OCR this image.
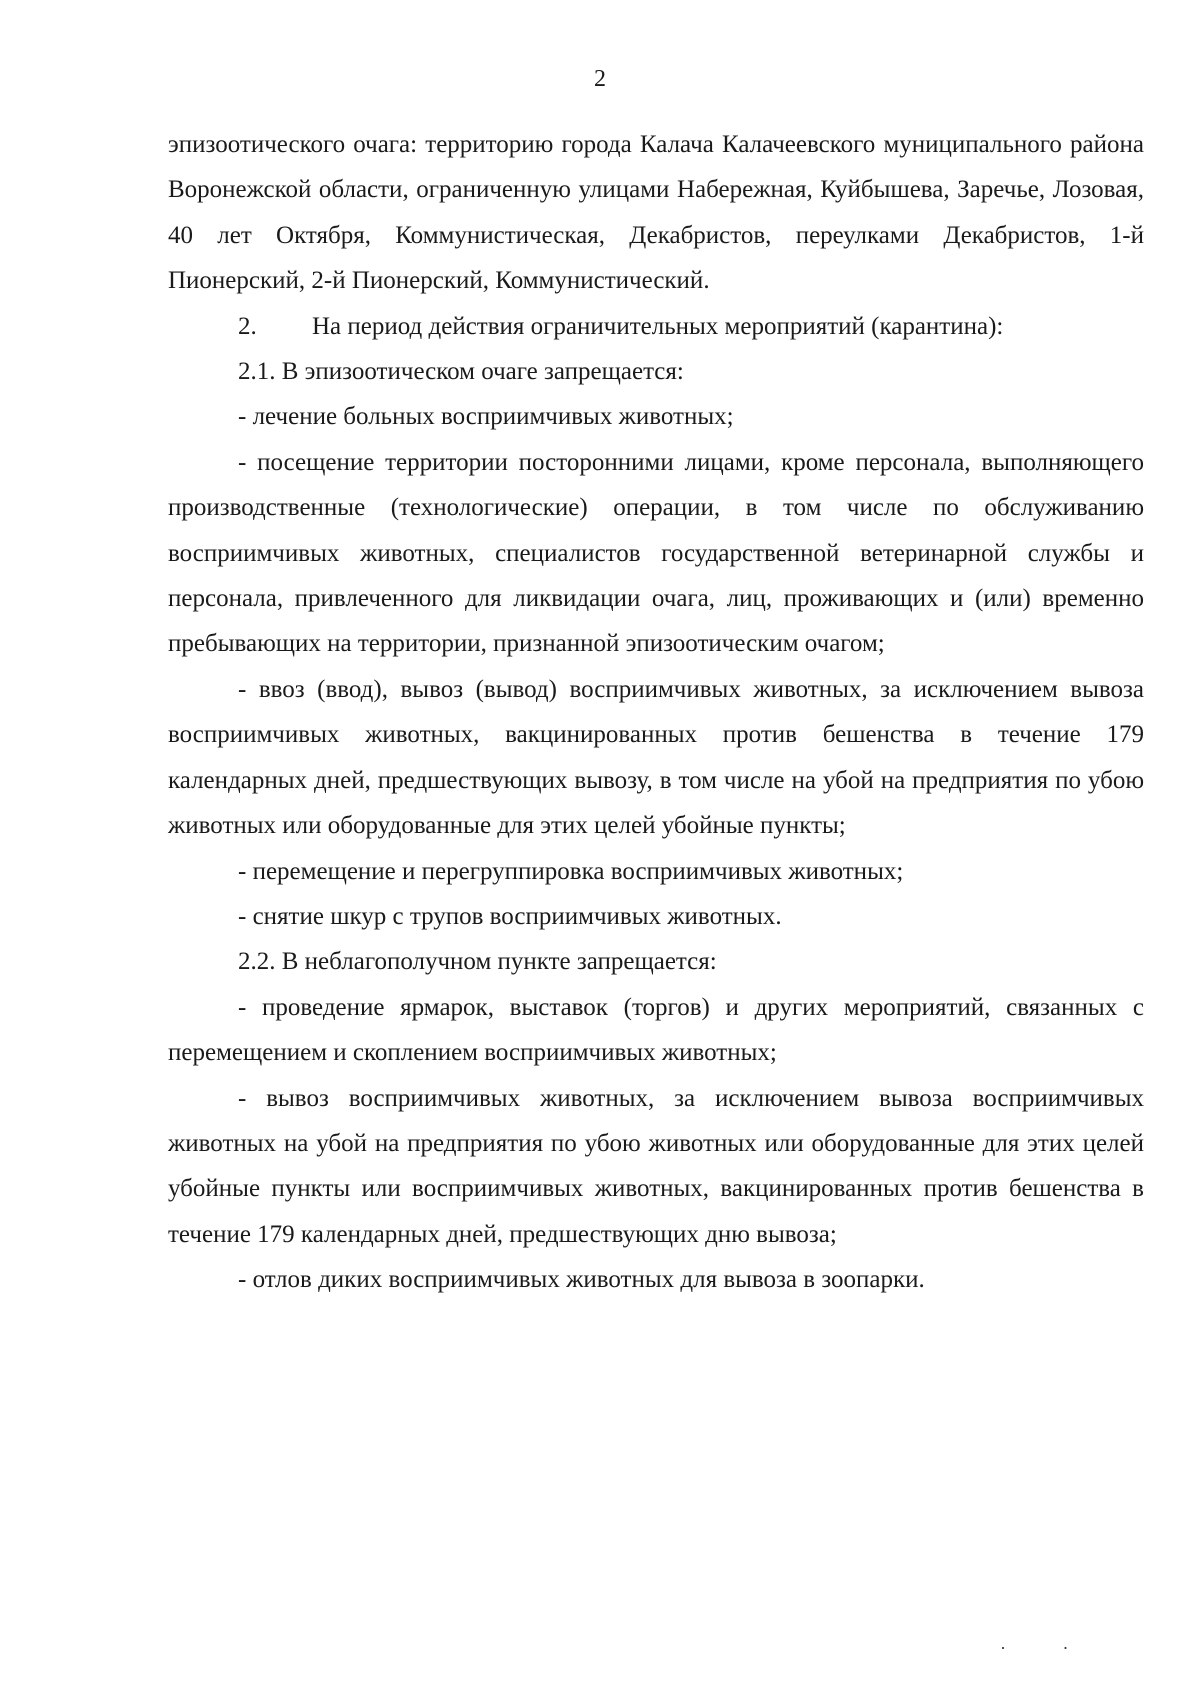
2

эпизоотического очага: территорию города Калача Калачеевского муниципального района Воронежской области, ограниченную улицами Набережная, Куйбышева, Заречье, Лозовая, 40 лет Октября, Коммунистическая, Декабристов, переулками Декабристов, 1-й Пионерский, 2-й Пионерский, Коммунистический.

2. На период действия ограничительных мероприятий (карантина):

2.1. В эпизоотическом очаге запрещается:

- лечение больных восприимчивых животных;

- посещение территории посторонними лицами, кроме персонала, выполняющего производственные (технологические) операции, в том числе по обслуживанию восприимчивых животных, специалистов государственной ветеринарной службы и персонала, привлеченного для ликвидации очага, лиц, проживающих и (или) временно пребывающих на территории, признанной эпизоотическим очагом;

- ввоз (ввод), вывоз (вывод) восприимчивых животных, за исключением вывоза восприимчивых животных, вакцинированных против бешенства в течение 179 календарных дней, предшествующих вывозу, в том числе на убой на предприятия по убою животных или оборудованные для этих целей убойные пункты;

- перемещение и перегруппировка восприимчивых животных;

- снятие шкур с трупов восприимчивых животных.

2.2. В неблагополучном пункте запрещается:

- проведение ярмарок, выставок (торгов) и других мероприятий, связанных с перемещением и скоплением восприимчивых животных;

- вывоз восприимчивых животных, за исключением вывоза восприимчивых животных на убой на предприятия по убою животных или оборудованные для этих целей убойные пункты или восприимчивых животных, вакцинированных против бешенства в течение 179 календарных дней, предшествующих дню вывоза;

- отлов диких восприимчивых животных для вывоза в зоопарки.

· ·
